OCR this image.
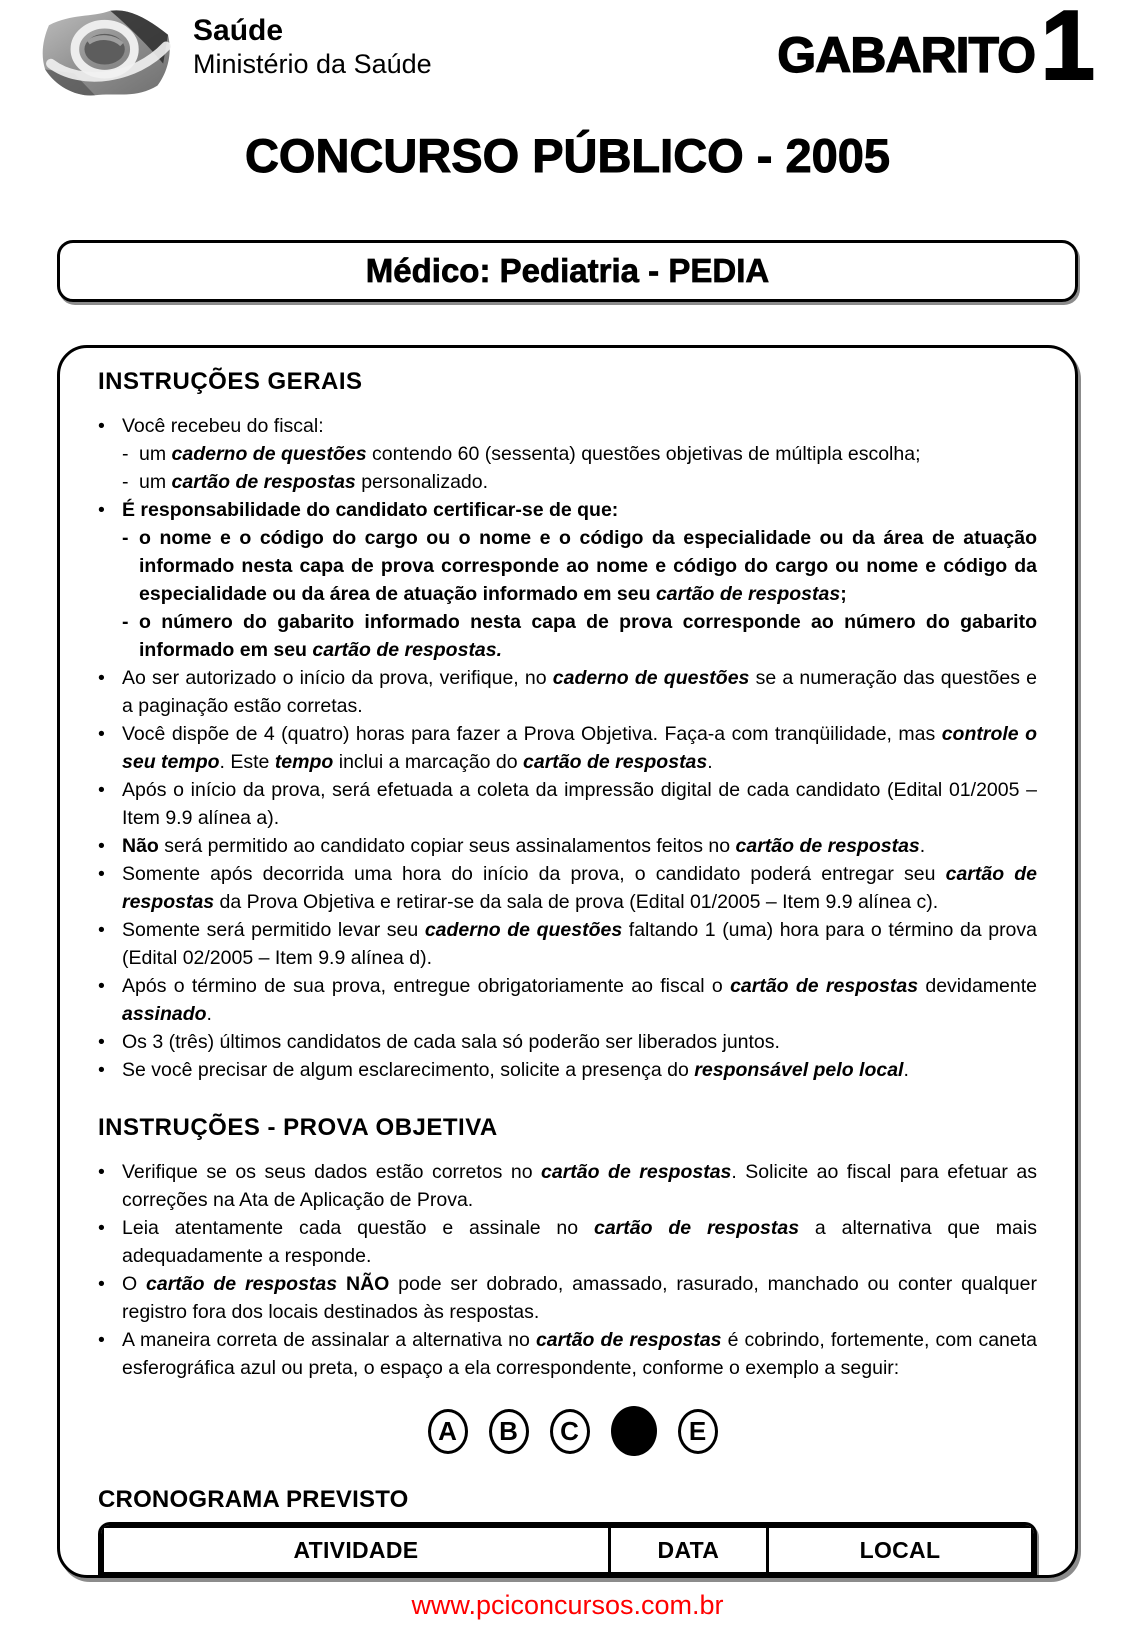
Saúde
Ministério da Saúde	GABARITO 1
CONCURSO PÚBLICO - 2005
Médico: Pediatria - PEDIA
INSTRUÇÕES GERAIS
• Você recebeu do fiscal:
- um caderno de questões contendo 60 (sessenta) questões objetivas de múltipla escolha;
- um cartão de respostas personalizado.
• É responsabilidade do candidato certificar-se de que:
- o nome e o código do cargo ou o nome e o código da especialidade ou da área de atuação informado nesta capa de prova corresponde ao nome e código do cargo ou nome e código da especialidade ou da área de atuação informado em seu cartão de respostas;
- o número do gabarito informado nesta capa de prova corresponde ao número do gabarito informado em seu cartão de respostas.
• Ao ser autorizado o início da prova, verifique, no caderno de questões se a numeração das questões e a paginação estão corretas.
• Você dispõe de 4 (quatro) horas para fazer a Prova Objetiva. Faça-a com tranqüilidade, mas controle o seu tempo. Este tempo inclui a marcação do cartão de respostas.
• Após o início da prova, será efetuada a coleta da impressão digital de cada candidato (Edital 01/2005 – Item 9.9 alínea a).
• Não será permitido ao candidato copiar seus assinalamentos feitos no cartão de respostas.
• Somente após decorrida uma hora do início da prova, o candidato poderá entregar seu cartão de respostas da Prova Objetiva e retirar-se da sala de prova (Edital 01/2005 – Item 9.9 alínea c).
• Somente será permitido levar seu caderno de questões faltando 1 (uma) hora para o término da prova (Edital 02/2005 – Item 9.9 alínea d).
• Após o término de sua prova, entregue obrigatoriamente ao fiscal o cartão de respostas devidamente assinado.
• Os 3 (três) últimos candidatos de cada sala só poderão ser liberados juntos.
• Se você precisar de algum esclarecimento, solicite a presença do responsável pelo local.
INSTRUÇÕES - PROVA OBJETIVA
• Verifique se os seus dados estão corretos no cartão de respostas. Solicite ao fiscal para efetuar as correções na Ata de Aplicação de Prova.
• Leia atentamente cada questão e assinale no cartão de respostas a alternativa que mais adequadamente a responde.
• O cartão de respostas NÃO pode ser dobrado, amassado, rasurado, manchado ou conter qualquer registro fora dos locais destinados às respostas.
• A maneira correta de assinalar a alternativa no cartão de respostas é cobrindo, fortemente, com caneta esferográfica azul ou preta, o espaço a ela correspondente, conforme o exemplo a seguir:
A	B	C	E
CRONOGRAMA PREVISTO
ATIVIDADE	DATA	LOCAL

www.pciconcursos.com.br
